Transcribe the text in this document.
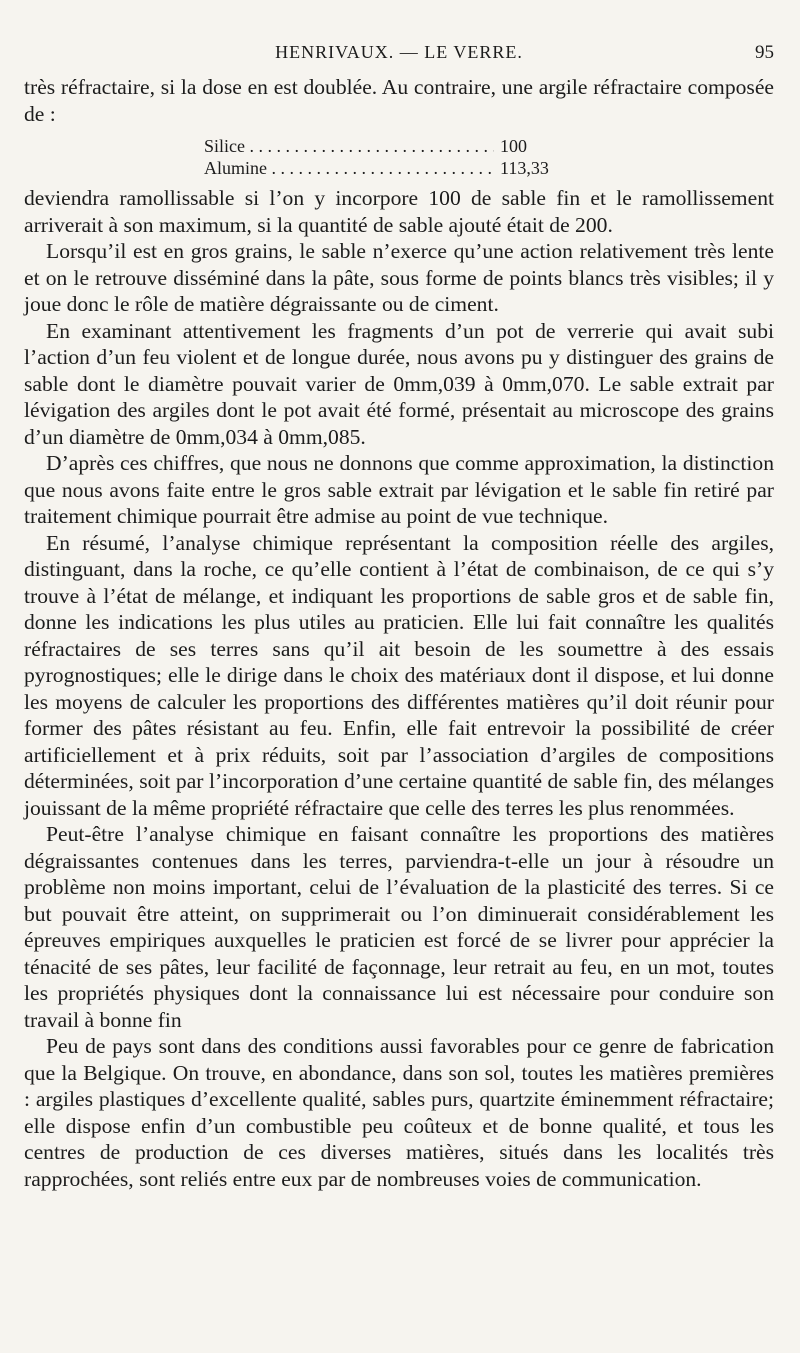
HENRIVAUX. — LE VERRE.	95

très réfractaire, si la dose en est doublée. Au contraire, une argile réfractaire composée de :

Silice . . .	100
Alumine . . .	113,33

deviendra ramollissable si l’on y incorpore 100 de sable fin et le ramollissement arriverait à son maximum, si la quantité de sable ajouté était de 200.

Lorsqu’il est en gros grains, le sable n’exerce qu’une action relativement très lente et on le retrouve disséminé dans la pâte, sous forme de points blancs très visibles; il y joue donc le rôle de matière dégraissante ou de ciment.

En examinant attentivement les fragments d’un pot de verrerie qui avait subi l’action d’un feu violent et de longue durée, nous avons pu y distinguer des grains de sable dont le diamètre pouvait varier de 0mm,039 à 0mm,070. Le sable extrait par lévigation des argiles dont le pot avait été formé, présentait au microscope des grains d’un diamètre de 0mm,034 à 0mm,085.

D’après ces chiffres, que nous ne donnons que comme approximation, la distinction que nous avons faite entre le gros sable extrait par lévigation et le sable fin retiré par traitement chimique pourrait être admise au point de vue technique.

En résumé, l’analyse chimique représentant la composition réelle des argiles, distinguant, dans la roche, ce qu’elle contient à l’état de combinaison, de ce qui s’y trouve à l’état de mélange, et indiquant les proportions de sable gros et de sable fin, donne les indications les plus utiles au praticien. Elle lui fait connaître les qualités réfractaires de ses terres sans qu’il ait besoin de les soumettre à des essais pyrognostiques; elle le dirige dans le choix des matériaux dont il dispose, et lui donne les moyens de calculer les proportions des différentes matières qu’il doit réunir pour former des pâtes résistant au feu. Enfin, elle fait entrevoir la possibilité de créer artificiellement et à prix réduits, soit par l’association d’argiles de compositions déterminées, soit par l’incorporation d’une certaine quantité de sable fin, des mélanges jouissant de la même propriété réfractaire que celle des terres les plus renommées.

Peut-être l’analyse chimique en faisant connaître les proportions des matières dégraissantes contenues dans les terres, parviendra-t-elle un jour à résoudre un problème non moins important, celui de l’évaluation de la plasticité des terres. Si ce but pouvait être atteint, on supprimerait ou l’on diminuerait considérablement les épreuves empiriques auxquelles le praticien est forcé de se livrer pour apprécier la ténacité de ses pâtes, leur facilité de façonnage, leur retrait au feu, en un mot, toutes les propriétés physiques dont la connaissance lui est nécessaire pour conduire son travail à bonne fin

Peu de pays sont dans des conditions aussi favorables pour ce genre de fabrication que la Belgique. On trouve, en abondance, dans son sol, toutes les matières premières : argiles plastiques d’excellente qualité, sables purs, quartzite éminemment réfractaire; elle dispose enfin d’un combustible peu coûteux et de bonne qualité, et tous les centres de production de ces diverses matières, situés dans les localités très rapprochées, sont reliés entre eux par de nombreuses voies de communication.
